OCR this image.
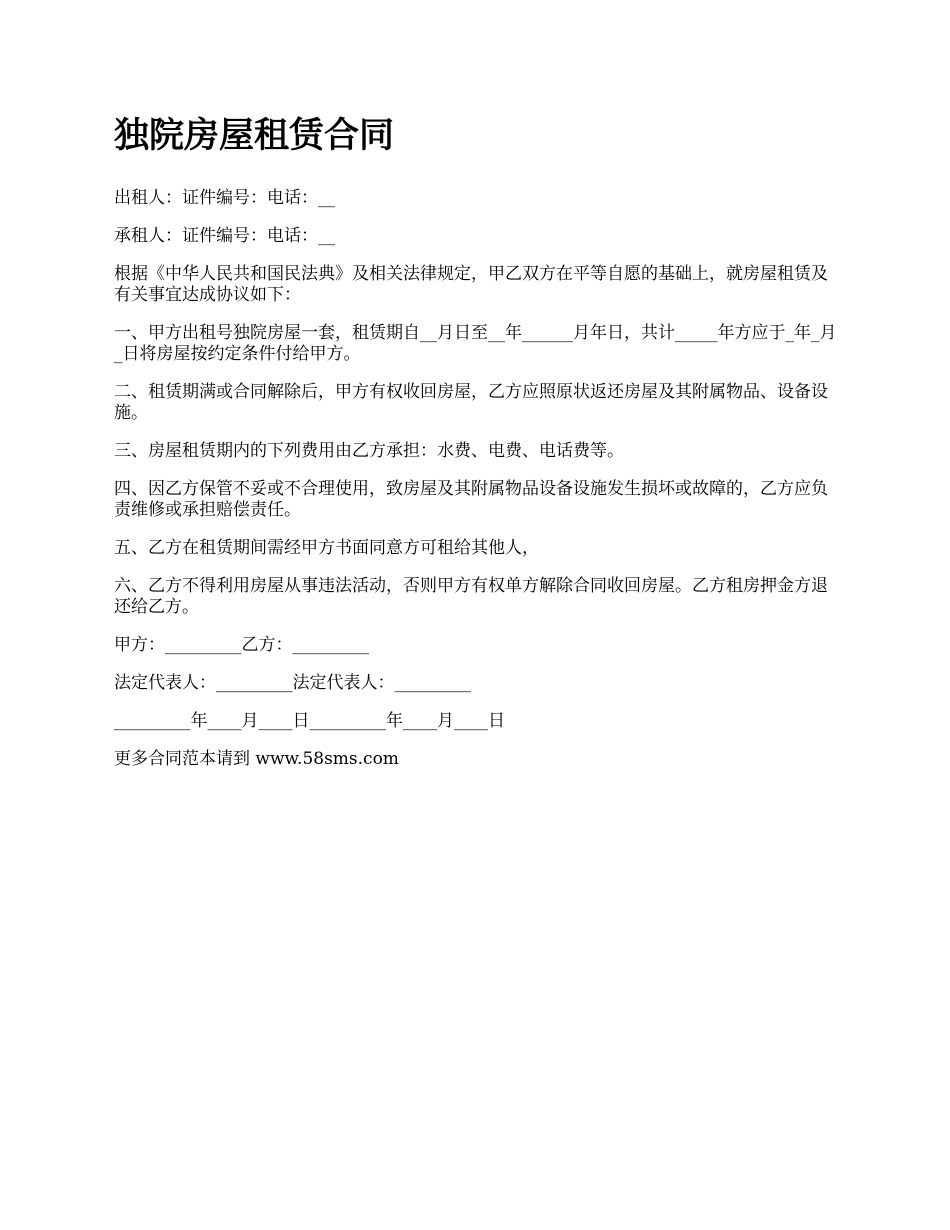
独院房屋租赁合同

出租人：证件编号：电话：__

承租人：证件编号：电话：__

根据《中华人民共和国民法典》及相关法律规定，甲乙双方在平等自愿的基础上，就房屋租赁及有关事宜达成协议如下：

一、甲方出租号独院房屋一套，租赁期自__月日至__年______月年日，共计_____年方应于_年_月_日将房屋按约定条件付给甲方。

二、租赁期满或合同解除后，甲方有权收回房屋，乙方应照原状返还房屋及其附属物品、设备设施。

三、房屋租赁期内的下列费用由乙方承担：水费、电费、电话费等。

四、因乙方保管不妥或不合理使用，致房屋及其附属物品设备设施发生损坏或故障的，乙方应负责维修或承担赔偿责任。

五、乙方在租赁期间需经甲方书面同意方可租给其他人，

六、乙方不得利用房屋从事违法活动，否则甲方有权单方解除合同收回房屋。乙方租房押金方退还给乙方。

甲方：_________乙方：_________

法定代表人：_________法定代表人：_________

_________年____月____日_________年____月____日

更多合同范本请到 www.58sms.com
